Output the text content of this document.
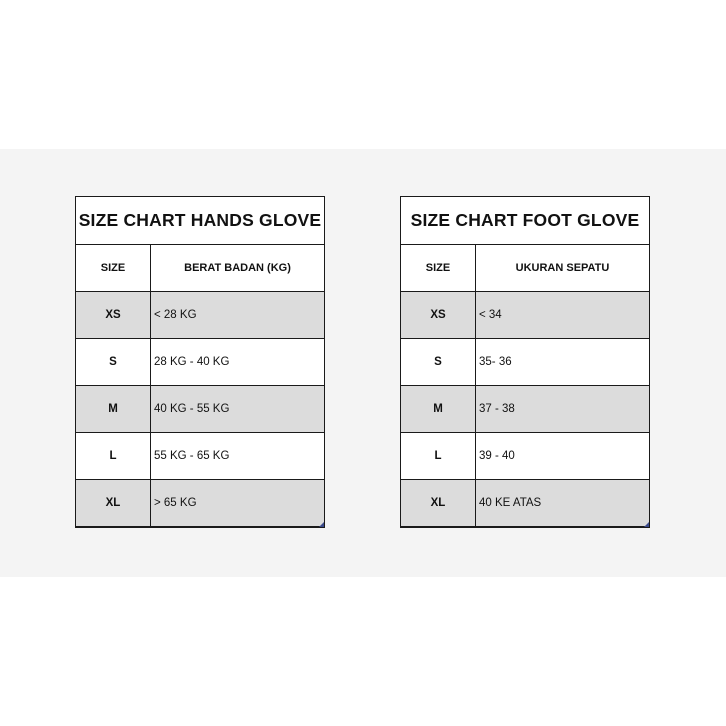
SIZE CHART HANDS GLOVE
SIZE	BERAT BADAN (KG)
XS	< 28 KG
S	28 KG - 40 KG
M	40 KG - 55 KG
L	55 KG - 65 KG
XL	> 65 KG
SIZE CHART FOOT GLOVE
SIZE	UKURAN SEPATU
XS	< 34
S	35- 36
M	37 - 38
L	39 - 40
XL	40 KE ATAS
